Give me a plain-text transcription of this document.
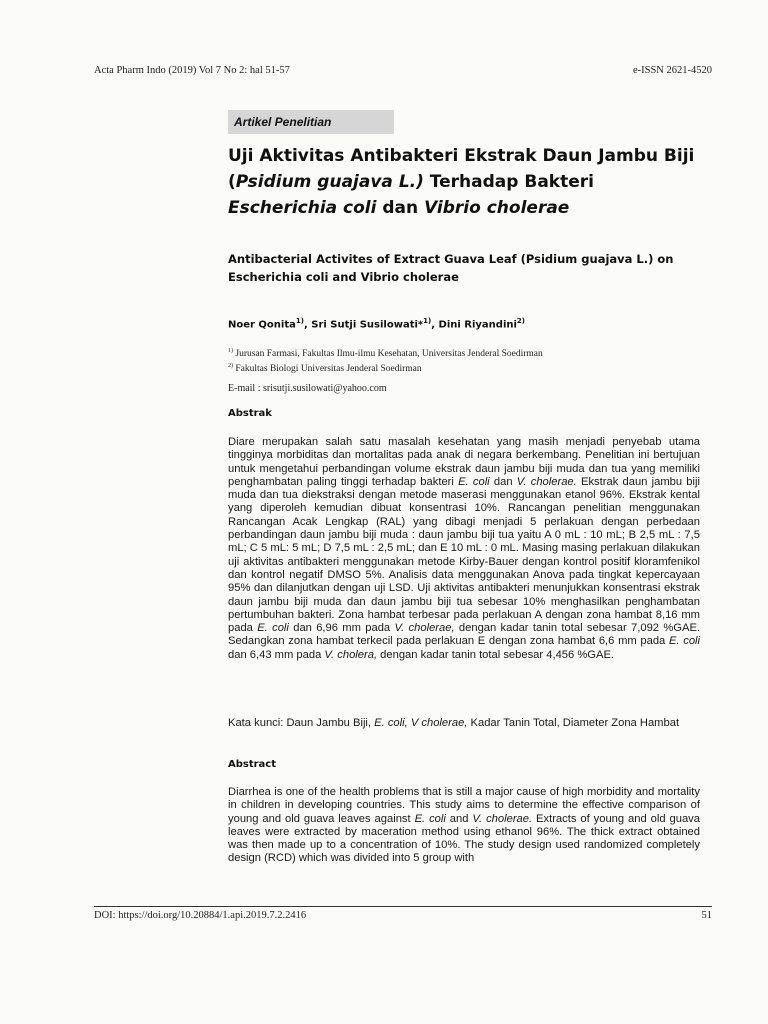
Acta Pharm Indo (2019) Vol 7 No 2: hal 51-57	e-ISSN 2621-4520
Artikel Penelitian
Uji Aktivitas Antibakteri Ekstrak Daun Jambu Biji (Psidium guajava L.) Terhadap Bakteri Escherichia coli dan Vibrio cholerae
Antibacterial Activites of Extract Guava Leaf (Psidium guajava L.) on Escherichia coli and Vibrio cholerae
Noer Qonita$^{1)}$, Sri Sutji Susilowati*$^{1)}$, Dini Riyandini$^{2)}$
$^{1)}$ Jurusan Farmasi, Fakultas Ilmu-ilmu Kesehatan, Universitas Jenderal Soedirman
$^{2)}$ Fakultas Biologi Universitas Jenderal Soedirman
E-mail : srisutji.susilowati@yahoo.com
Abstrak

Diare merupakan salah satu masalah kesehatan yang masih menjadi penyebab utama tingginya morbiditas dan mortalitas pada anak di negara berkembang. Penelitian ini bertujuan untuk mengetahui perbandingan volume ekstrak daun jambu biji muda dan tua yang memiliki penghambatan paling tinggi terhadap bakteri E. coli dan V. cholerae. Ekstrak daun jambu biji muda dan tua diekstraksi dengan metode maserasi menggunakan etanol 96%. Ekstrak kental yang diperoleh kemudian dibuat konsentrasi 10%. Rancangan penelitian menggunakan Rancangan Acak Lengkap (RAL) yang dibagi menjadi 5 perlakuan dengan perbedaan perbandingan daun jambu biji muda : daun jambu biji tua yaitu A 0 mL : 10 mL; B 2,5 mL : 7,5 mL; C 5 mL: 5 mL; D 7,5 mL : 2,5 mL; dan E 10 mL : 0 mL. Masing masing perlakuan dilakukan uji aktivitas antibakteri menggunakan metode Kirby-Bauer dengan kontrol positif kloramfenikol dan kontrol negatif DMSO 5%. Analisis data menggunakan Anova pada tingkat kepercayaan 95% dan dilanjutkan dengan uji LSD. Uji aktivitas antibakteri menunjukkan konsentrasi ekstrak daun jambu biji muda dan daun jambu biji tua sebesar 10% menghasilkan penghambatan pertumbuhan bakteri. Zona hambat terbesar pada perlakuan A dengan zona hambat 8,16 mm pada E. coli dan 6,96 mm pada V. cholerae, dengan kadar tanin total sebesar 7,092 %GAE. Sedangkan zona hambat terkecil pada perlakuan E dengan zona hambat 6,6 mm pada E. coli dan 6,43 mm pada V. cholera, dengan kadar tanin total sebesar 4,456 %GAE.

Kata kunci: Daun Jambu Biji, E. coli, V cholerae, Kadar Tanin Total, Diameter Zona Hambat

Abstract

Diarrhea is one of the health problems that is still a major cause of high morbidity and mortality in children in developing countries. This study aims to determine the effective comparison of young and old guava leaves against E. coli and V. cholerae. Extracts of young and old guava leaves were extracted by maceration method using ethanol 96%. The thick extract obtained was then made up to a concentration of 10%. The study design used randomized completely design (RCD) which was divided into 5 group with

DOI: https://doi.org/10.20884/1.api.2019.7.2.2416	51
